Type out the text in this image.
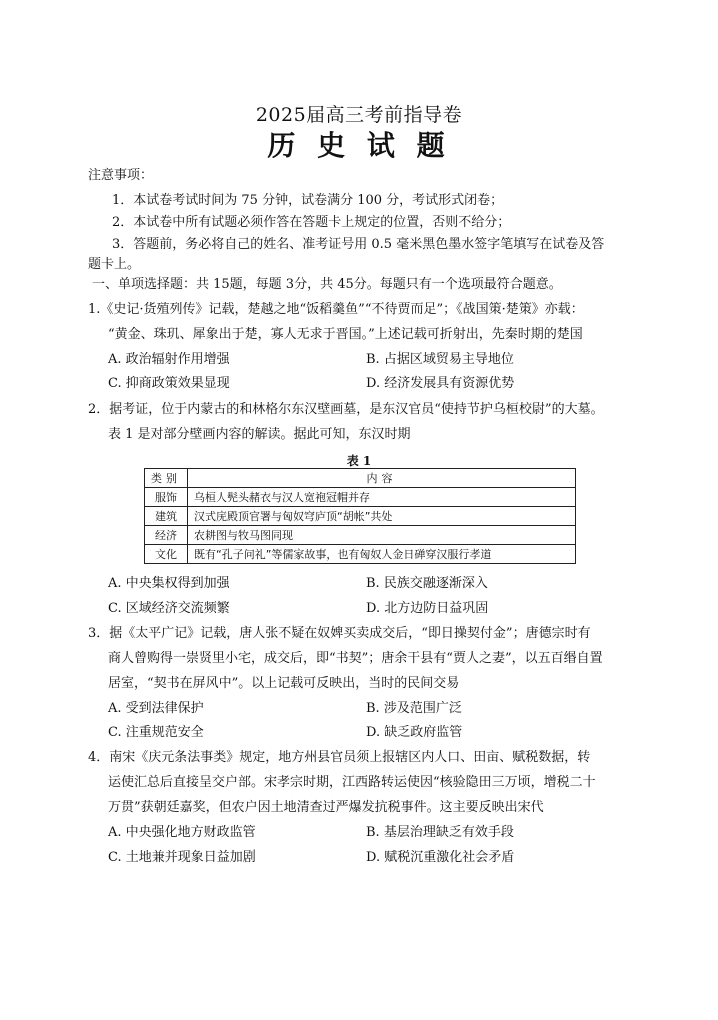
2025届高三考前指导卷
历 史 试 题
注意事项：
1．本试卷考试时间为 75 分钟，试卷满分 100 分，考试形式闭卷；
2．本试卷中所有试题必须作答在答题卡上规定的位置，否则不给分；
3．答题前，务必将自己的姓名、准考证号用 0.5 毫米黑色墨水签字笔填写在试卷及答
题卡上。
一、单项选择题：共 15题，每题 3分，共 45分。每题只有一个选项最符合题意。
1.《史记·货殖列传》记载，楚越之地“饭稻羹鱼”“不待贾而足”；《战国策·楚策》亦载：
“黄金、珠玑、犀象出于楚，寡人无求于晋国。”上述记载可折射出，先秦时期的楚国
A. 政治辐射作用增强	B. 占据区域贸易主导地位
C. 抑商政策效果显现	D. 经济发展具有资源优势
2．据考证，位于内蒙古的和林格尔东汉壁画墓，是东汉官员“使持节护乌桓校尉”的大墓。
表 1 是对部分壁画内容的解读。据此可知，东汉时期
表 1
类别	内容
服饰	乌桓人髡头赭衣与汉人宽袍冠帽并存
建筑	汉式庑殿顶官署与匈奴穹庐顶“胡帐”共处
经济	农耕图与牧马图同现
文化	既有“孔子问礼”等儒家故事，也有匈奴人金日䃅穿汉服行孝道
A. 中央集权得到加强	B. 民族交融逐渐深入
C. 区域经济交流频繁	D. 北方边防日益巩固
3．据《太平广记》记载，唐人张不疑在奴婢买卖成交后，“即日操契付金”；唐德宗时有
商人曾购得一崇贤里小宅，成交后，即“书契”；唐余干县有“贾人之妻”，以五百缗自置
居室，“契书在屏风中”。以上记载可反映出，当时的民间交易
A. 受到法律保护	B. 涉及范围广泛
C. 注重规范安全	D. 缺乏政府监管
4．南宋《庆元条法事类》规定，地方州县官员须上报辖区内人口、田亩、赋税数据，转
运使汇总后直接呈交户部。宋孝宗时期，江西路转运使因“核验隐田三万顷，增税二十
万贯”获朝廷嘉奖，但农户因土地清查过严爆发抗税事件。这主要反映出宋代
A. 中央强化地方财政监管	B. 基层治理缺乏有效手段
C. 土地兼并现象日益加剧	D. 赋税沉重激化社会矛盾
